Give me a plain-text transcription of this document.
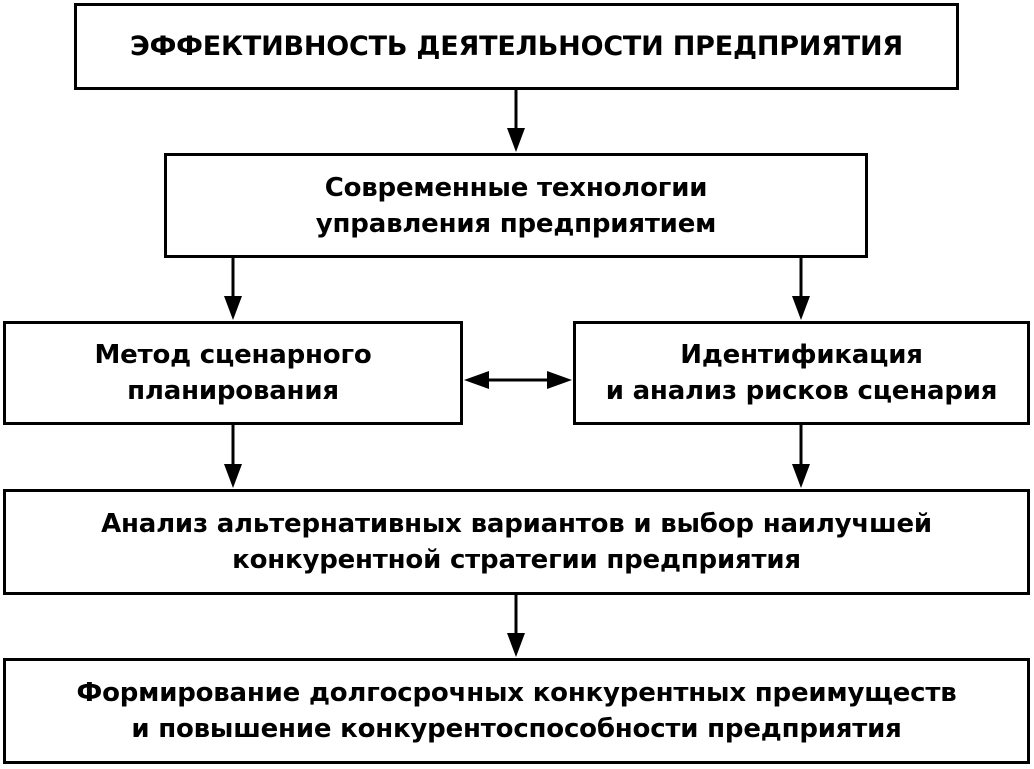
ЭФФЕКТИВНОСТЬ ДЕЯТЕЛЬНОСТИ ПРЕДПРИЯТИЯ
Современные технологии
управления предприятием
Метод сценарного
планирования
Идентификация
и анализ рисков сценария
Анализ альтернативных вариантов и выбор наилучшей
конкурентной стратегии предприятия
Формирование долгосрочных конкурентных преимуществ
и повышение конкурентоспособности предприятия
